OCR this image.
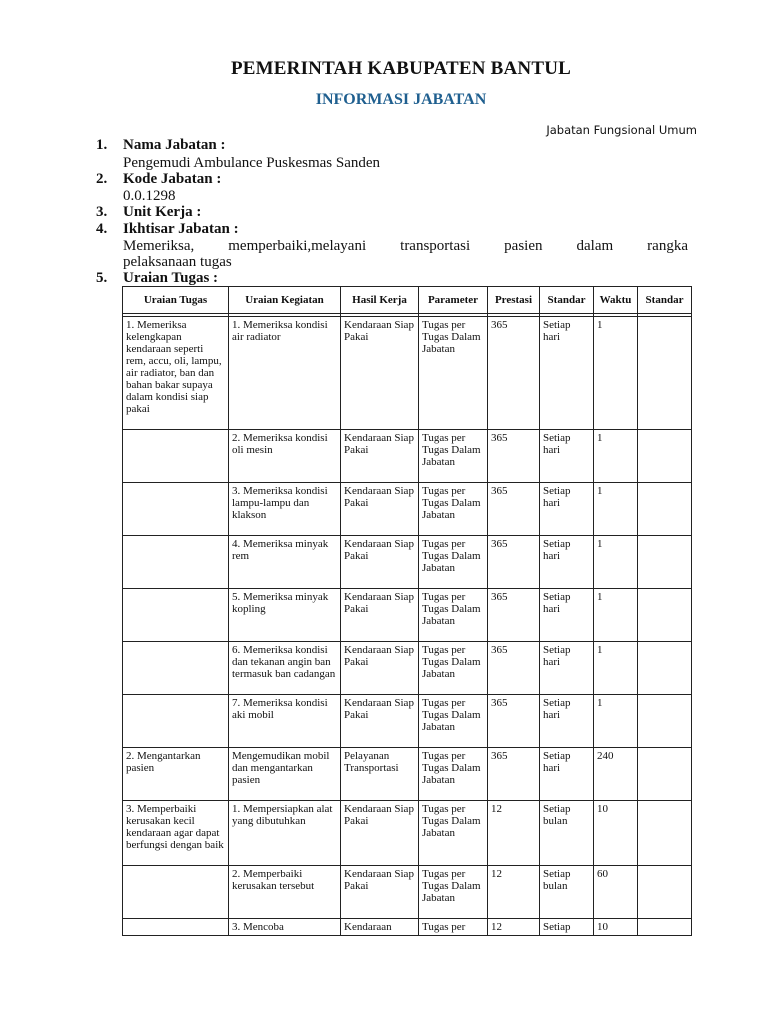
PEMERINTAH KABUPATEN BANTUL
INFORMASI JABATAN
Jabatan Fungsional Umum
1. Nama Jabatan :
Pengemudi Ambulance Puskesmas Sanden
2. Kode Jabatan :
0.0.1298
3. Unit Kerja :
4. Ikhtisar Jabatan :
Memeriksa, memperbaiki,melayani transportasi pasien dalam rangka
pelaksanaan tugas
5. Uraian Tugas :
Uraian Tugas	Uraian Kegiatan	Hasil Kerja	Parameter	Prestasi	Standar	Waktu	Standar

1. Memeriksa kelengkapan kendaraan seperti rem, accu, oli, lampu, air radiator, ban dan bahan bakar supaya dalam kondisi siap pakai	1. Memeriksa kondisi air radiator	Kendaraan Siap Pakai	Tugas per Tugas Dalam Jabatan	365	Setiap hari	1	
	2. Memeriksa kondisi oli mesin	Kendaraan Siap Pakai	Tugas per Tugas Dalam Jabatan	365	Setiap hari	1	
	3. Memeriksa kondisi lampu-lampu dan klakson	Kendaraan Siap Pakai	Tugas per Tugas Dalam Jabatan	365	Setiap hari	1	
	4. Memeriksa minyak rem	Kendaraan Siap Pakai	Tugas per Tugas Dalam Jabatan	365	Setiap hari	1	
	5. Memeriksa minyak kopling	Kendaraan Siap Pakai	Tugas per Tugas Dalam Jabatan	365	Setiap hari	1	
	6. Memeriksa kondisi dan tekanan angin ban termasuk ban cadangan	Kendaraan Siap Pakai	Tugas per Tugas Dalam Jabatan	365	Setiap hari	1	
	7. Memeriksa kondisi aki mobil	Kendaraan Siap Pakai	Tugas per Tugas Dalam Jabatan	365	Setiap hari	1	
2. Mengantarkan pasien	Mengemudikan mobil dan mengantarkan pasien	Pelayanan Transportasi	Tugas per Tugas Dalam Jabatan	365	Setiap hari	240	
3. Memperbaiki kerusakan kecil kendaraan agar dapat berfungsi dengan baik	1. Mempersiapkan alat yang dibutuhkan	Kendaraan Siap Pakai	Tugas per Tugas Dalam Jabatan	12	Setiap bulan	10	
	2. Memperbaiki kerusakan tersebut	Kendaraan Siap Pakai	Tugas per Tugas Dalam Jabatan	12	Setiap bulan	60	
	3. Mencoba	Kendaraan	Tugas per	12	Setiap	10	
